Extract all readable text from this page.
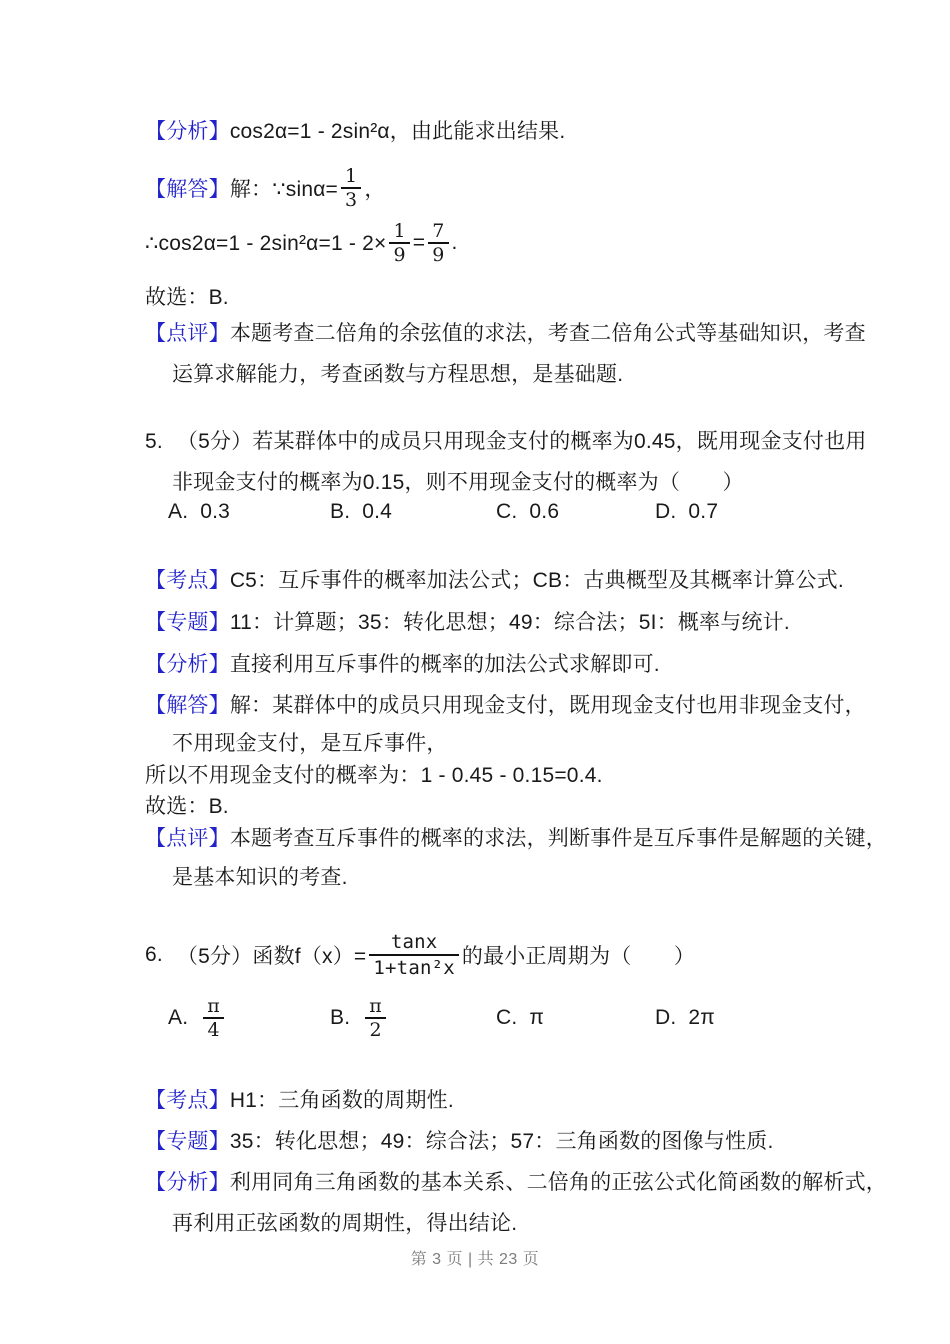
【分析】cos2α=1 - 2sin²α，由此能求出结果.
【解答】 解：∵sinα= $\frac{1}{3}$ ，
∴cos2α=1 - $2\sin^2\alpha=1 - 2\times \frac{1}{9} = \frac{7}{9}$ .
故选：B.
【点评】本题考查二倍角的余弦值的求法，考查二倍角公式等基础知识，考查
运算求解能力，考查函数与方程思想，是基础题.
5. （5分）若某群体中的成员只用现金支付的概率为0.45，既用现金支付也用
非现金支付的概率为0.15，则不用现金支付的概率为（　　）
A. 0.3	B. 0.4	C. 0.6	D. 0.7
【考点】C5：互斥事件的概率加法公式；CB：古典概型及其概率计算公式.
【专题】11：计算题；35：转化思想；49：综合法；5I：概率与统计.
【分析】直接利用互斥事件的概率的加法公式求解即可.
【解答】解：某群体中的成员只用现金支付，既用现金支付也用非现金支付，
不用现金支付，是互斥事件，
所以不用现金支付的概率为：1 - 0.45 - 0.15=0.4.
故选：B.
【点评】本题考查互斥事件的概率的求法，判断事件是互斥事件是解题的关键，
是基本知识的考查.
6. （5分）函数$f(x)= \frac{\tan x}{\text{1+tan²x}}$ 的最小正周期为（　　）
A. $\frac{\pi}{4}$	B. $\frac{\pi}{2}$	C. π	D. 2π
【考点】H1：三角函数的周期性.
【专题】35：转化思想；49：综合法；57：三角函数的图像与性质.
【分析】利用同角三角函数的基本关系、二倍角的正弦公式化简函数的解析式，
再利用正弦函数的周期性，得出结论.
第 3 页 | 共 23 页
